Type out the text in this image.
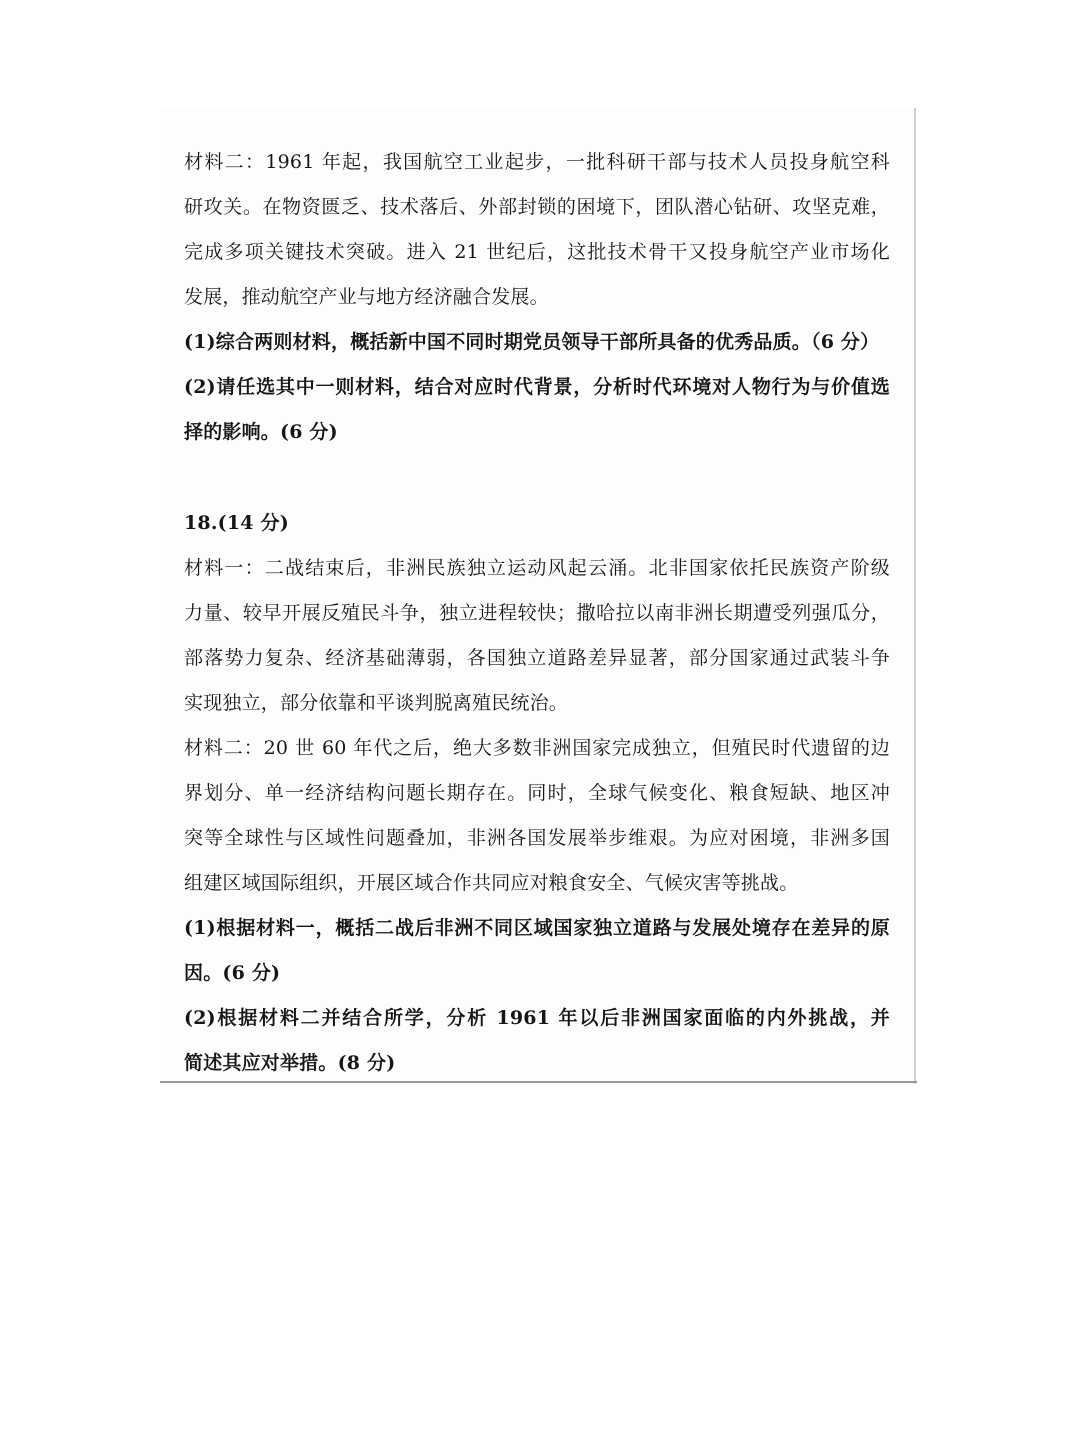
材料二：1961 年起，我国航空工业起步，一批科研干部与技术人员投身航空科
研攻关。在物资匮乏、技术落后、外部封锁的困境下，团队潜心钻研、攻坚克难，
完成多项关键技术突破。进入 21 世纪后，这批技术骨干又投身航空产业市场化
发展，推动航空产业与地方经济融合发展。
(1)综合两则材料，概括新中国不同时期党员领导干部所具备的优秀品质。（6 分）
(2)请任选其中一则材料，结合对应时代背景，分析时代环境对人物行为与价值选
择的影响。(6 分)
18.(14 分)
材料一：二战结束后，非洲民族独立运动风起云涌。北非国家依托民族资产阶级
力量、较早开展反殖民斗争，独立进程较快；撒哈拉以南非洲长期遭受列强瓜分，
部落势力复杂、经济基础薄弱，各国独立道路差异显著，部分国家通过武装斗争
实现独立，部分依靠和平谈判脱离殖民统治。
材料二：20 世 60 年代之后，绝大多数非洲国家完成独立，但殖民时代遗留的边
界划分、单一经济结构问题长期存在。同时，全球气候变化、粮食短缺、地区冲
突等全球性与区域性问题叠加，非洲各国发展举步维艰。为应对困境，非洲多国
组建区域国际组织，开展区域合作共同应对粮食安全、气候灾害等挑战。
(1)根据材料一，概括二战后非洲不同区域国家独立道路与发展处境存在差异的原
因。(6 分)
(2)根据材料二并结合所学，分析 1961 年以后非洲国家面临的内外挑战，并
简述其应对举措。(8 分)
